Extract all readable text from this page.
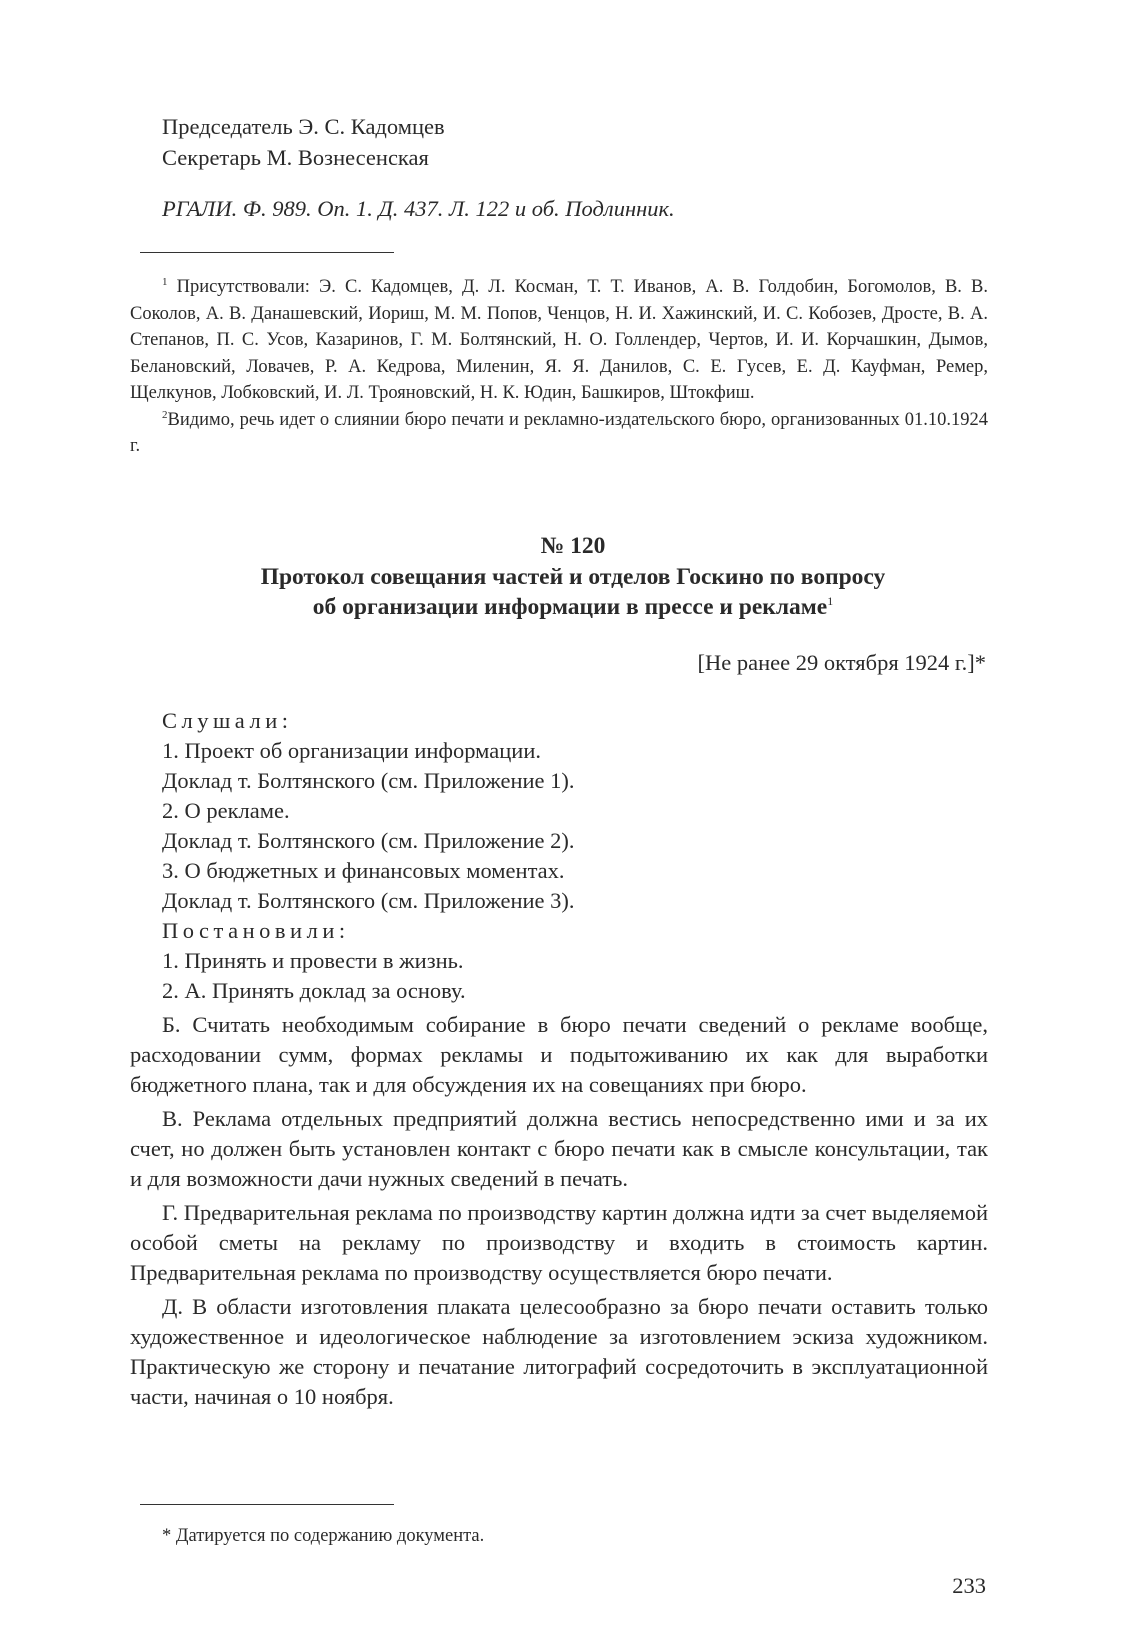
Председатель Э. С. Кадомцев
Секретарь М. Вознесенская
РГАЛИ. Ф. 989. Оп. 1. Д. 437. Л. 122 и об. Подлинник.

$^1$ Присутствовали: Э. С. Кадомцев, Д. Л. Косман, Т. Т. Иванов, А. В. Голдобин, Богомолов, В. В. Соколов, А. В. Данашевский, Иориш, М. М. Попов, Ченцов, Н. И. Хажинский, И. С. Кобозев, Дросте, В. А. Степанов, П. С. Усов, Казаринов, Г. М. Болтянский, Н. О. Голлендер, Чертов, И. И. Корчашкин, Дымов, Белановский, Ловачев, Р. А. Кедрова, Миленин, Я. Я. Данилов, С. Е. Гусев, Е. Д. Кауфман, Ремер, Щелкунов, Лобковский, И. Л. Трояновский, Н. К. Юдин, Башкиров, Штокфиш.

$^2$Видимо, речь идет о слиянии бюро печати и рекламно-издательского бюро, организованных 01.10.1924 г.

№ 120
Протокол совещания частей и отделов Госкино по вопросу
об организации информации в прессе и рекламе$^1$
[Не ранее 29 октября 1924 г.]*

Слушали:

1. Проект об организации информации.

Доклад т. Болтянского (см. Приложение 1).

2. О рекламе.

Доклад т. Болтянского (см. Приложение 2).

3. О бюджетных и финансовых моментах.

Доклад т. Болтянского (см. Приложение 3).

Постановили:

1. Принять и провести в жизнь.

2. А. Принять доклад за основу.

Б. Считать необходимым собирание в бюро печати сведений о рекламе вообще, расходовании сумм, формах рекламы и подытоживанию их как для выработки бюджетного плана, так и для обсуждения их на совещаниях при бюро.

В. Реклама отдельных предприятий должна вестись непосредственно ими и за их счет, но должен быть установлен контакт с бюро печати как в смысле консультации, так и для возможности дачи нужных сведений в печать.

Г. Предварительная реклама по производству картин должна идти за счет выделяемой особой сметы на рекламу по производству и входить в стоимость картин. Предварительная реклама по производству осуществляется бюро печати.

Д. В области изготовления плаката целесообразно за бюро печати оставить только художественное и идеологическое наблюдение за изготовлением эскиза художником. Практическую же сторону и печатание литографий сосредоточить в эксплуатационной части, начиная о 10 ноября.

* Датируется по содержанию документа.
233
